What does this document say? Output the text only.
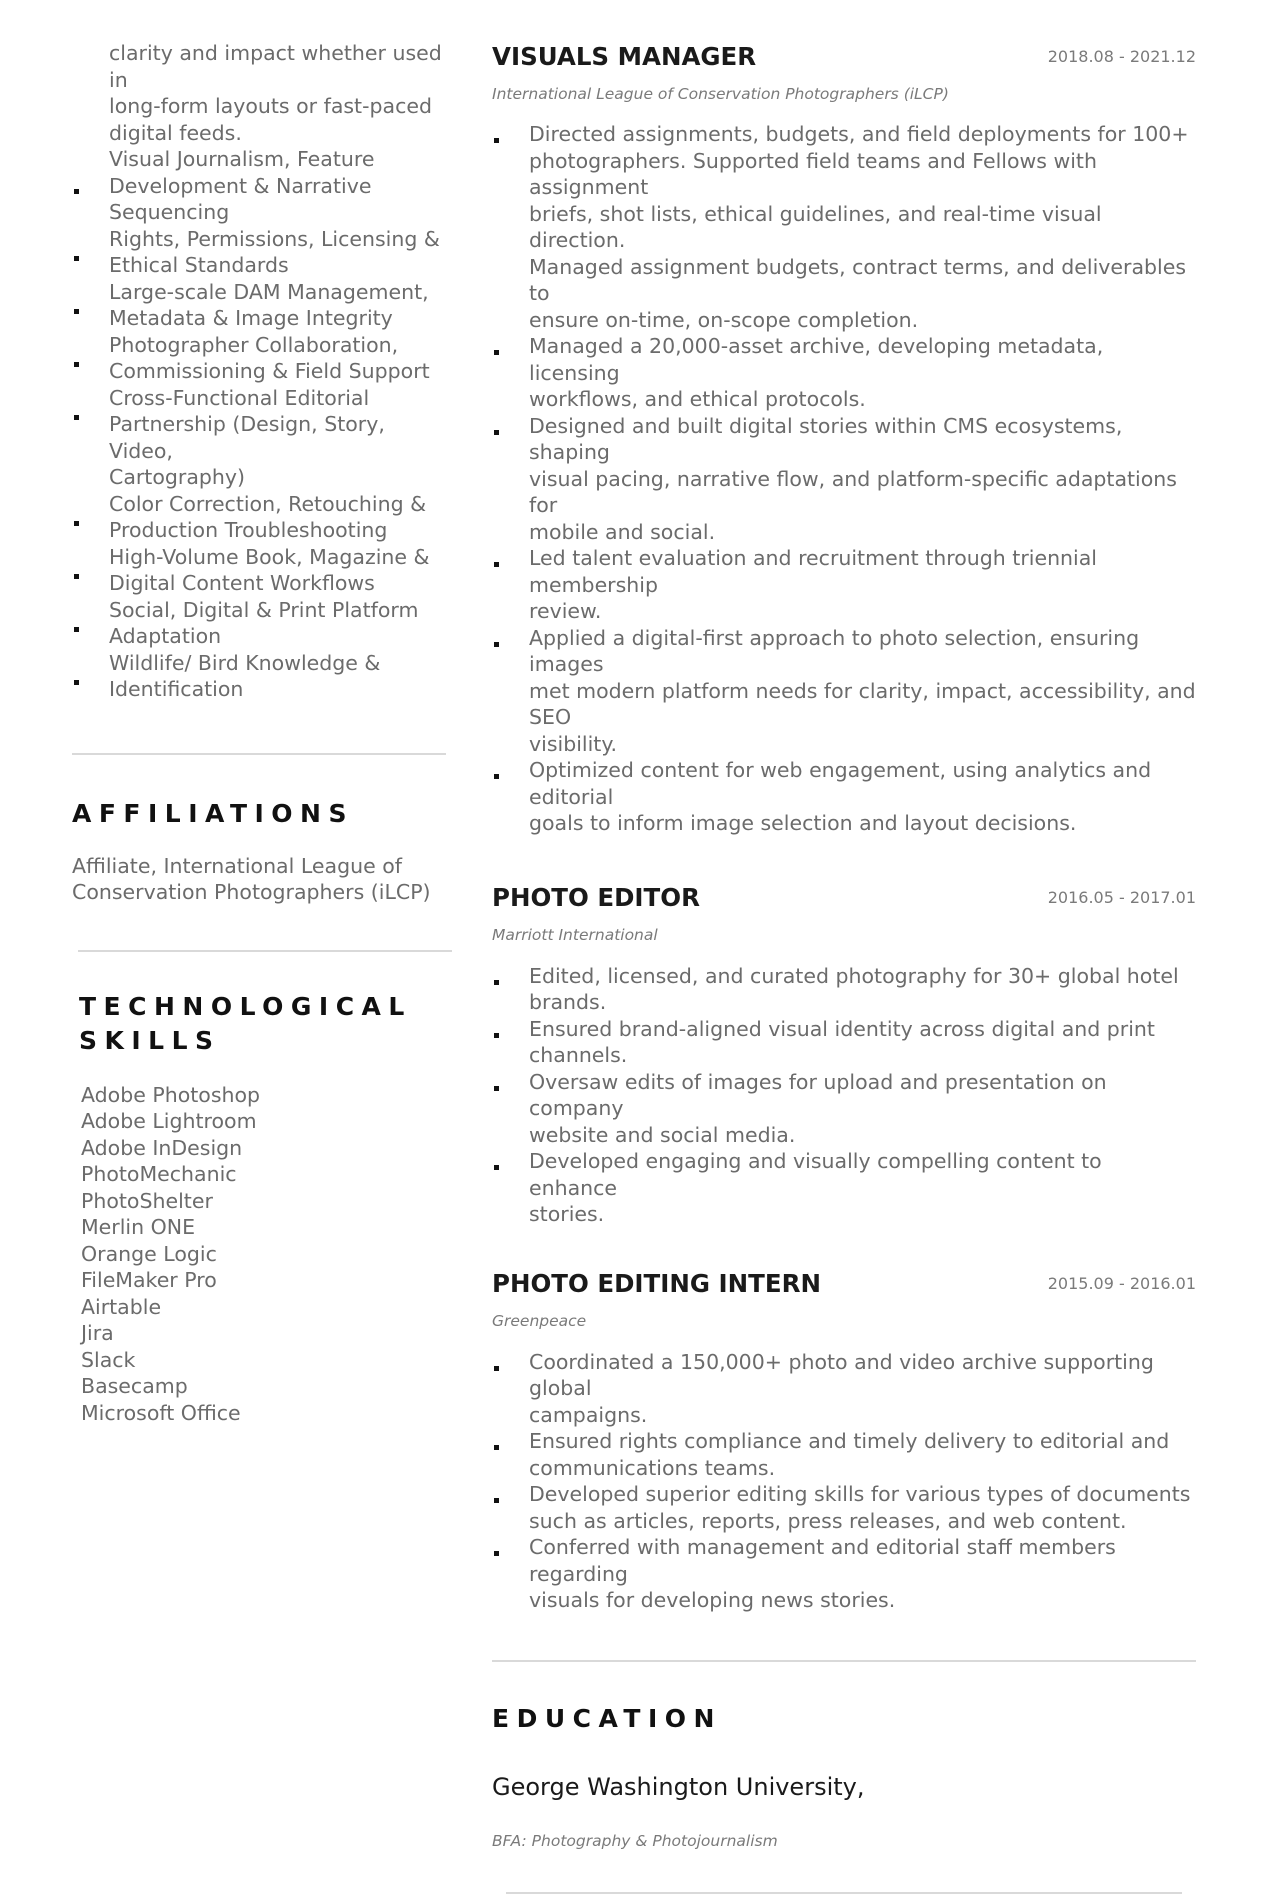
clarity and impact whether used in
long-form layouts or fast-paced
digital feeds.
Visual Journalism, Feature
Development & Narrative
Sequencing
Rights, Permissions, Licensing &
Ethical Standards
Large-scale DAM Management,
Metadata & Image Integrity
Photographer Collaboration,
Commissioning & Field Support
Cross-Functional Editorial
Partnership (Design, Story, Video,
Cartography)
Color Correction, Retouching &
Production Troubleshooting
High-Volume Book, Magazine &
Digital Content Workflows
Social, Digital & Print Platform
Adaptation
Wildlife/ Bird Knowledge &
Identification
AFFILIATIONS

Affiliate, International League of

Conservation Photographers (iLCP)

TECHNOLOGICAL
SKILLS
Adobe Photoshop
Adobe Lightroom
Adobe InDesign
PhotoMechanic
PhotoShelter
Merlin ONE
Orange Logic
FileMaker Pro
Airtable
Jira
Slack
Basecamp
Microsoft Office
VISUALS MANAGER	2018.08 - 2021.12

International League of Conservation Photographers (iLCP)

Directed assignments, budgets, and field deployments for 100+
photographers. Supported field teams and Fellows with assignment
briefs, shot lists, ethical guidelines, and real-time visual direction.
Managed assignment budgets, contract terms, and deliverables to
ensure on-time, on-scope completion.
Managed a 20,000-asset archive, developing metadata, licensing
workflows, and ethical protocols.
Designed and built digital stories within CMS ecosystems, shaping
visual pacing, narrative flow, and platform-specific adaptations for
mobile and social.
Led talent evaluation and recruitment through triennial membership
review.
Applied a digital-first approach to photo selection, ensuring images
met modern platform needs for clarity, impact, accessibility, and SEO
visibility.
Optimized content for web engagement, using analytics and editorial
goals to inform image selection and layout decisions.
PHOTO EDITOR	2016.05 - 2017.01

Marriott International

Edited, licensed, and curated photography for 30+ global hotel
brands.
Ensured brand-aligned visual identity across digital and print
channels.
Oversaw edits of images for upload and presentation on company
website and social media.
Developed engaging and visually compelling content to enhance
stories.
PHOTO EDITING INTERN	2015.09 - 2016.01

Greenpeace

Coordinated a 150,000+ photo and video archive supporting global
campaigns.
Ensured rights compliance and timely delivery to editorial and
communications teams.
Developed superior editing skills for various types of documents
such as articles, reports, press releases, and web content.
Conferred with management and editorial staff members regarding
visuals for developing news stories.
EDUCATION

George Washington University,

BFA: Photography & Photojournalism
